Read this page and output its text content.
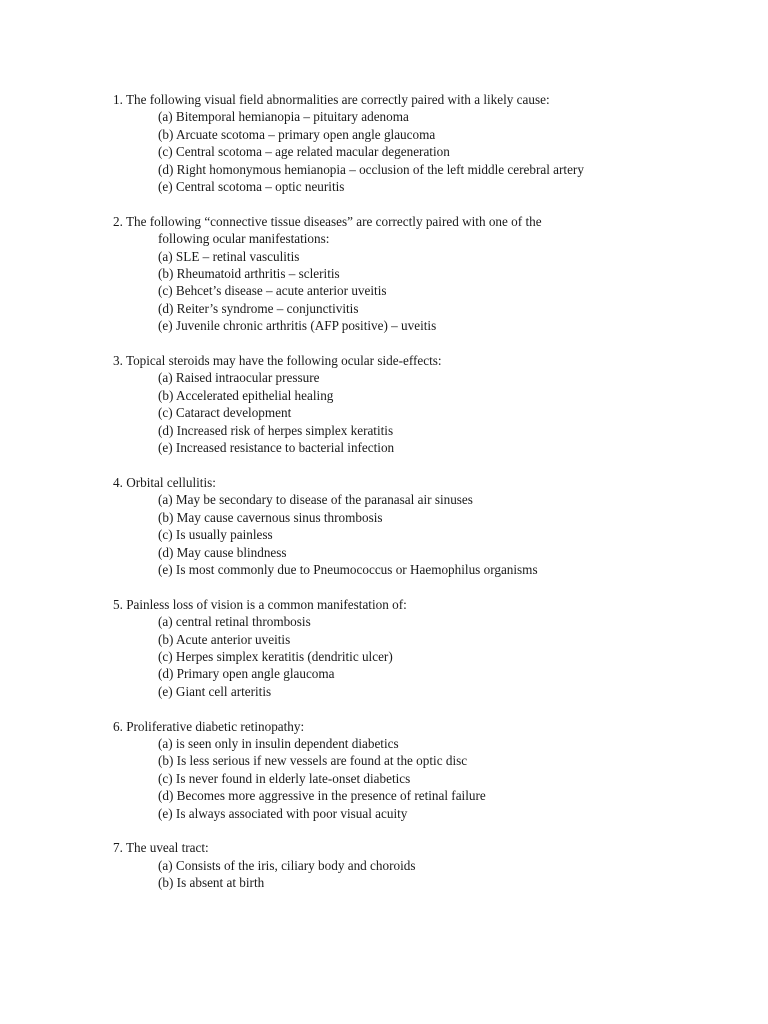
1. The following visual field abnormalities are correctly paired with a likely cause:
(a) Bitemporal hemianopia – pituitary adenoma
(b) Arcuate scotoma – primary open angle glaucoma
(c) Central scotoma – age related macular degeneration
(d) Right homonymous hemianopia – occlusion of the left middle cerebral artery
(e) Central scotoma – optic neuritis
2. The following “connective tissue diseases” are correctly paired with one of the
following ocular manifestations:
(a) SLE – retinal vasculitis
(b) Rheumatoid arthritis – scleritis
(c) Behcet’s disease – acute anterior uveitis
(d) Reiter’s syndrome – conjunctivitis
(e) Juvenile chronic arthritis (AFP positive) – uveitis
3. Topical steroids may have the following ocular side-effects:
(a) Raised intraocular pressure
(b) Accelerated epithelial healing
(c) Cataract development
(d) Increased risk of herpes simplex keratitis
(e) Increased resistance to bacterial infection
4. Orbital cellulitis:
(a) May be secondary to disease of the paranasal air sinuses
(b) May cause cavernous sinus thrombosis
(c) Is usually painless
(d) May cause blindness
(e) Is most commonly due to Pneumococcus or Haemophilus organisms
5. Painless loss of vision is a common manifestation of:
(a) central retinal thrombosis
(b) Acute anterior uveitis
(c) Herpes simplex keratitis (dendritic ulcer)
(d) Primary open angle glaucoma
(e) Giant cell arteritis
6. Proliferative diabetic retinopathy:
(a) is seen only in insulin dependent diabetics
(b) Is less serious if new vessels are found at the optic disc
(c) Is never found in elderly late-onset diabetics
(d) Becomes more aggressive in the presence of retinal failure
(e) Is always associated with poor visual acuity
7. The uveal tract:
(a) Consists of the iris, ciliary body and choroids
(b) Is absent at birth
